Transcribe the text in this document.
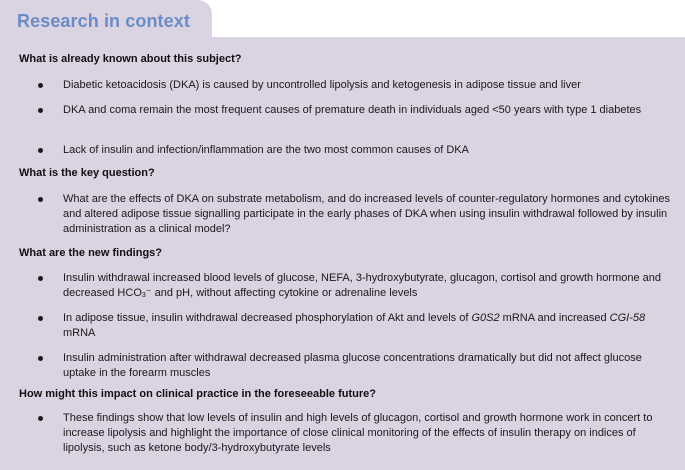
Research in context
What is already known about this subject?
Diabetic ketoacidosis (DKA) is caused by uncontrolled lipolysis and ketogenesis in adipose tissue and liver
DKA and coma remain the most frequent causes of premature death in individuals aged <50 years with type 1 diabetes
Lack of insulin and infection/inflammation are the two most common causes of DKA
What is the key question?
What are the effects of DKA on substrate metabolism, and do increased levels of counter-regulatory hormones and cytokines and altered adipose tissue signalling participate in the early phases of DKA when using insulin withdrawal followed by insulin administration as a clinical model?
What are the new findings?
Insulin withdrawal increased blood levels of glucose, NEFA, 3-hydroxybutyrate, glucagon, cortisol and growth hormone and decreased $HCO_3^-$ and pH, without affecting cytokine or adrenaline levels
In adipose tissue, insulin withdrawal decreased phosphorylation of Akt and levels of G0S2 mRNA and increased CGI-58 mRNA
Insulin administration after withdrawal decreased plasma glucose concentrations dramatically but did not affect glucose uptake in the forearm muscles
How might this impact on clinical practice in the foreseeable future?
These findings show that low levels of insulin and high levels of glucagon, cortisol and growth hormone work in concert to increase lipolysis and highlight the importance of close clinical monitoring of the effects of insulin therapy on indices of lipolysis, such as ketone body/3-hydroxybutyrate levels
